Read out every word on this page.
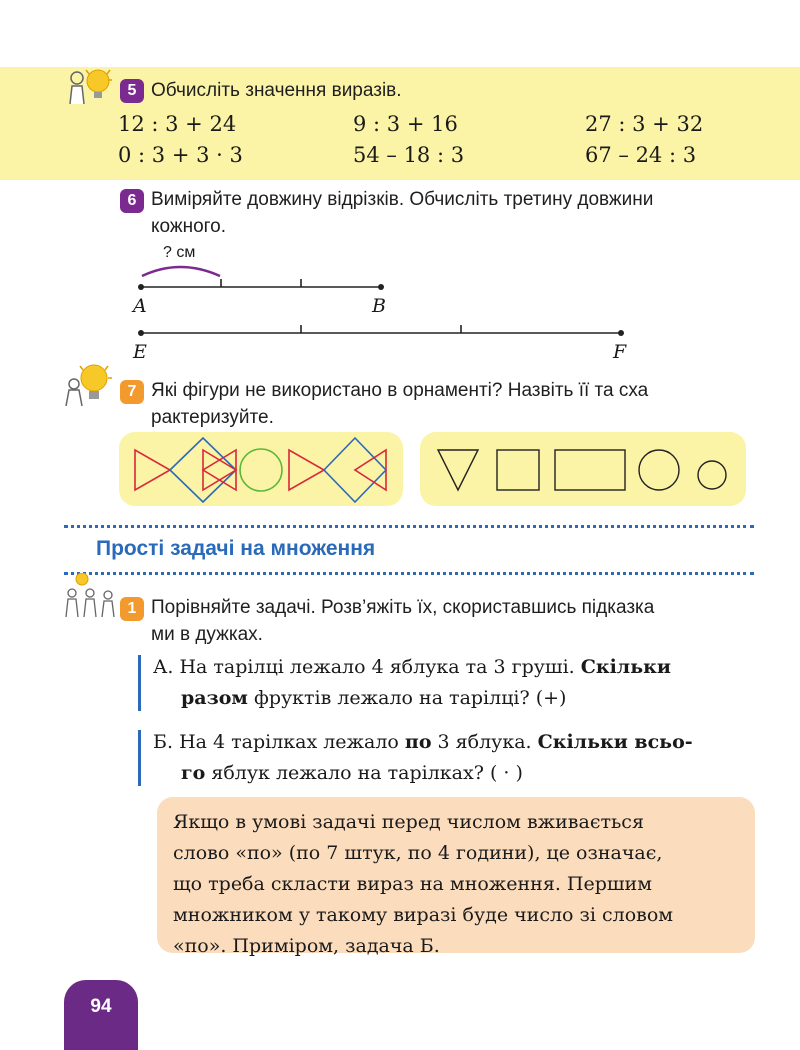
5 Обчисліть значення виразів.
12 : 3 + 24	9 : 3 + 16	27 : 3 + 32
0 : 3 + 3 · 3	54 – 18 : 3	67 – 24 : 3
6 Виміряйте довжину відрізків. Обчисліть третину довжини
кожного.
? см
A	B
E	F
7 Які фігури не використано в орнаменті? Назвіть її та сха
рактеризуйте.
Прості задачі на множення
1 Порівняйте задачі. Розв’яжіть їх, скориставшись підказка
ми в дужках.
А. На тарілці лежало 4 яблука та 3 груші. Скільки
разом фруктів лежало на тарілці? (+)
Б. На 4 тарілках лежало по 3 яблука. Скільки всьо-
го яблук лежало на тарілках? ( · )

Якщо в умові задачі перед числом вживається
слово «по» (по 7 штук, по 4 години), це означає,
що треба скласти вираз на множення. Першим
множником у такому виразі буде число зі словом
«по». Приміром, задача Б.

94
